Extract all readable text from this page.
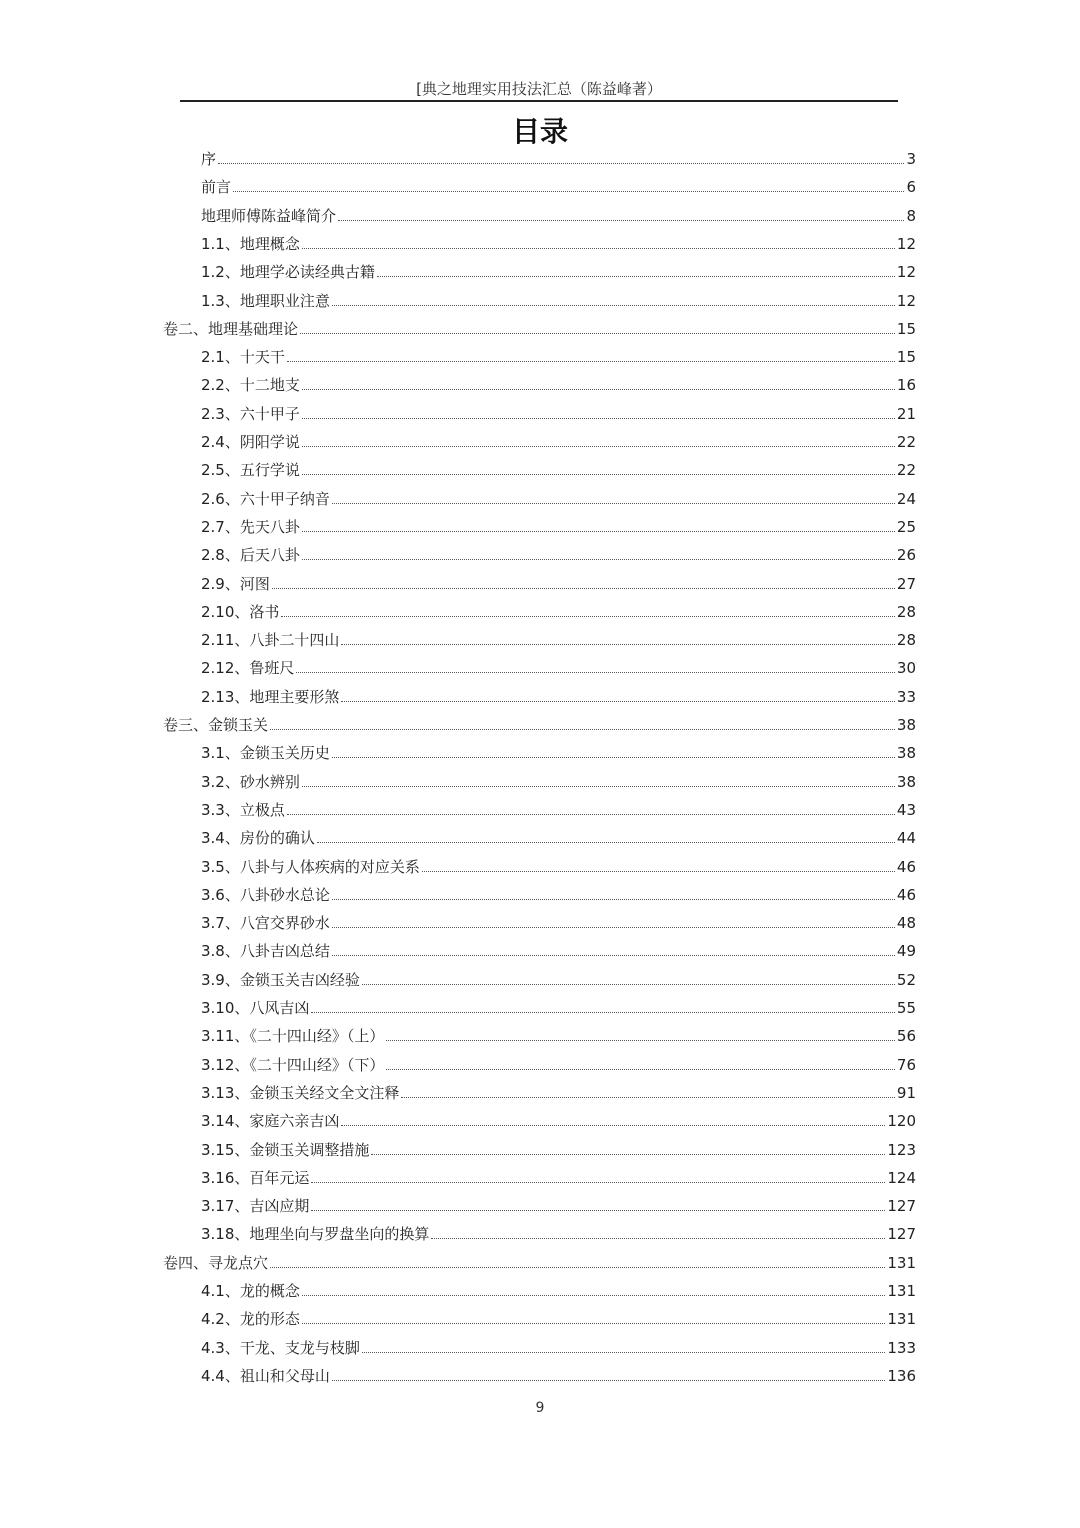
[典之地理实用技法汇总（陈益峰著）
目录
序	3
前言	6
地理师傅陈益峰简介	8
1.1、地理概念	12
1.2、地理学必读经典古籍	12
1.3、地理职业注意	12
卷二、地理基础理论	15
2.1、十天干	15
2.2、十二地支	16
2.3、六十甲子	21
2.4、阴阳学说	22
2.5、五行学说	22
2.6、六十甲子纳音	24
2.7、先天八卦	25
2.8、后天八卦	26
2.9、河图	27
2.10、洛书	28
2.11、八卦二十四山	28
2.12、鲁班尺	30
2.13、地理主要形煞	33
卷三、金锁玉关	38
3.1、金锁玉关历史	38
3.2、砂水辨别	38
3.3、立极点	43
3.4、房份的确认	44
3.5、八卦与人体疾病的对应关系	46
3.6、八卦砂水总论	46
3.7、八宫交界砂水	48
3.8、八卦吉凶总结	49
3.9、金锁玉关吉凶经验	52
3.10、八风吉凶	55
3.11、《二十四山经》（上）	56
3.12、《二十四山经》（下）	76
3.13、金锁玉关经文全文注释	91
3.14、家庭六亲吉凶	120
3.15、金锁玉关调整措施	123
3.16、百年元运	124
3.17、吉凶应期	127
3.18、地理坐向与罗盘坐向的换算	127
卷四、寻龙点穴	131
4.1、龙的概念	131
4.2、龙的形态	131
4.3、干龙、支龙与枝脚	133
4.4、祖山和父母山	136
9
